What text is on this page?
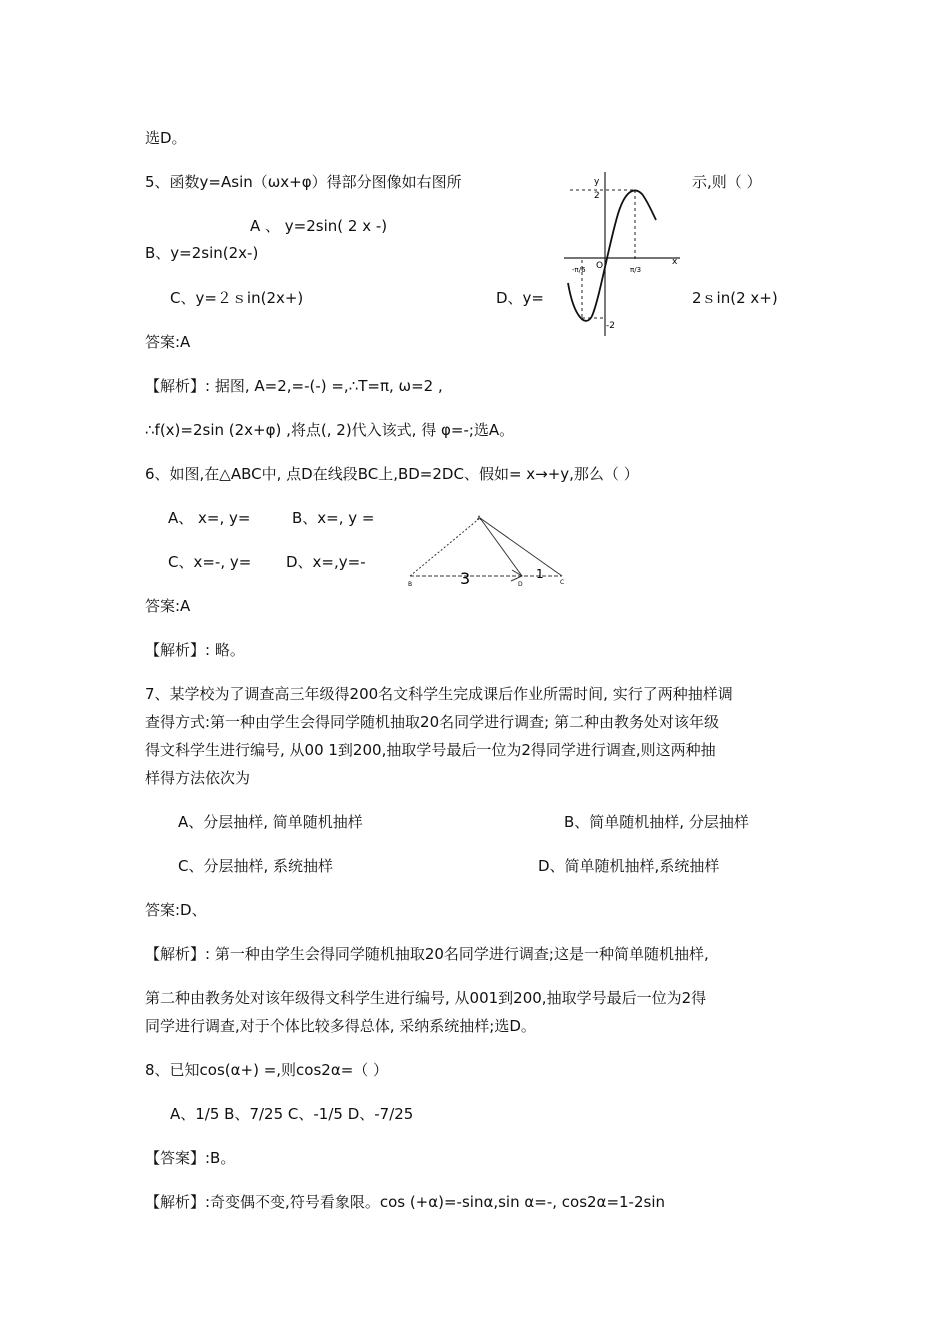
选D。
5、函数y=Asin（ωx+φ）得部分图像如右图所	示,则（ ）
A 、 y=2sin( 2 x -)
B、y=2sin(2x-)
C、y=２ｓin(2x+)	D、y=	2ｓin(2 x+)
y
x
O
2
-2
-π/6	π/3
答案:A
【解析】: 据图, A=2,=-(-) =,∴T=π, ω=2 ,
∴f(x)=2sin (2x+φ) ,将点(, 2)代入该式, 得 φ=-;选A。
6、如图,在△ABC中, 点D在线段BC上,BD=2DC、假如= x→+y,那么（ ）
A、 x=, y=	B、x=, y =
C、x=-, y= D、x=,y=-
A
B	D	C
3	1
答案:A
【解析】: 略。
7、某学校为了调查高三年级得200名文科学生完成课后作业所需时间, 实行了两种抽样调
查得方式:第一种由学生会得同学随机抽取20名同学进行调查; 第二种由教务处对该年级
得文科学生进行编号, 从00 1到200,抽取学号最后一位为2得同学进行调查,则这两种抽
样得方法依次为
A、分层抽样, 简单随机抽样	B、简单随机抽样, 分层抽样
C、分层抽样, 系统抽样	D、简单随机抽样,系统抽样
答案:D、
【解析】: 第一种由学生会得同学随机抽取20名同学进行调查;这是一种简单随机抽样,
第二种由教务处对该年级得文科学生进行编号, 从001到200,抽取学号最后一位为2得
同学进行调查,对于个体比较多得总体, 采纳系统抽样;选D。
8、已知cos(α+) =,则cos2α=（ ）
A、1/5 B、7/25 C、-1/5 D、-7/25
【答案】:B。
【解析】:奇变偶不变,符号看象限。cos (+α)=-sinα,sin α=-, cos2α=1-2sin
